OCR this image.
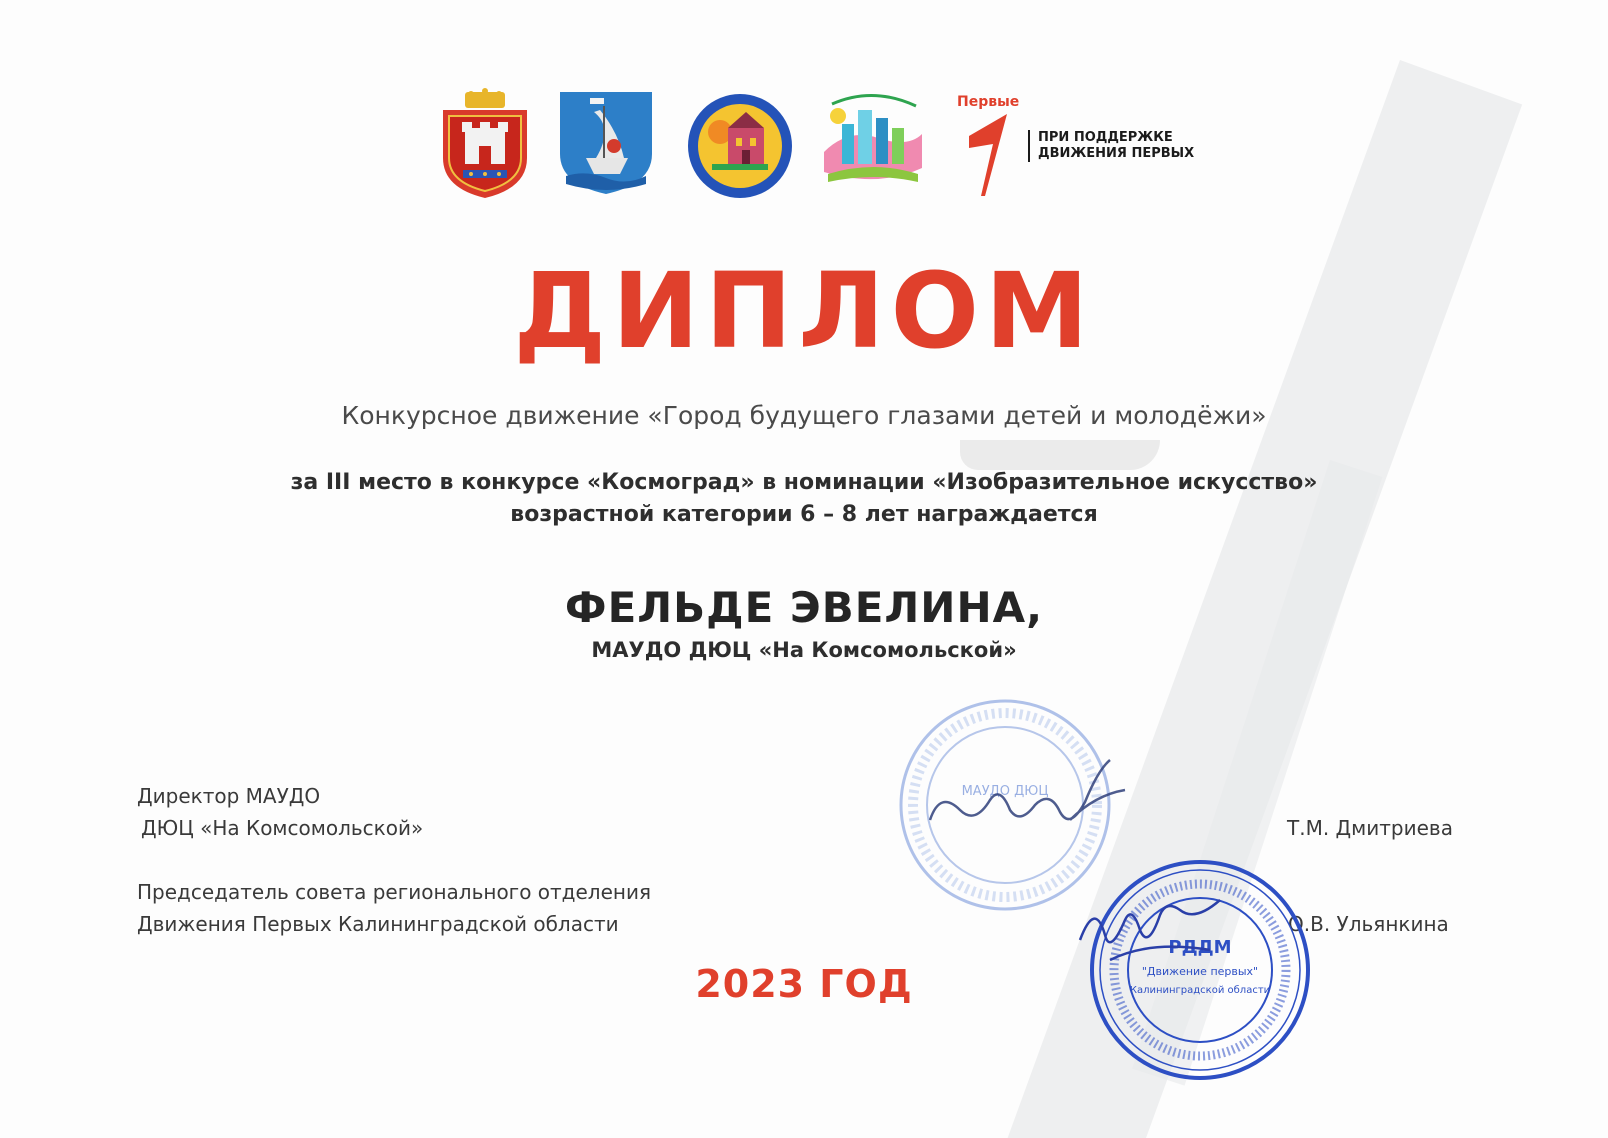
Первые
ПРИ ПОДДЕРЖКЕ
ДВИЖЕНИЯ ПЕРВЫХ
ДИПЛОМ
Конкурсное движение «Город будущего глазами детей и молодёжи»
за III место в конкурсе «Космоград» в номинации «Изобразительное искусство»
возрастной категории 6 – 8 лет награждается
ФЕЛЬДЕ ЭВЕЛИНА,
МАУДО ДЮЦ «На Комсомольской»
Директор МАУДО
ДЮЦ «На Комсомольской»	Т.М. Дмитриева
Председатель совета регионального отделения
Движения Первых Калининградской области	О.В. Ульянкина
МАУДО ДЮЦ
РДДМ
"Движение первых"
Калининградской области
2023 ГОД
